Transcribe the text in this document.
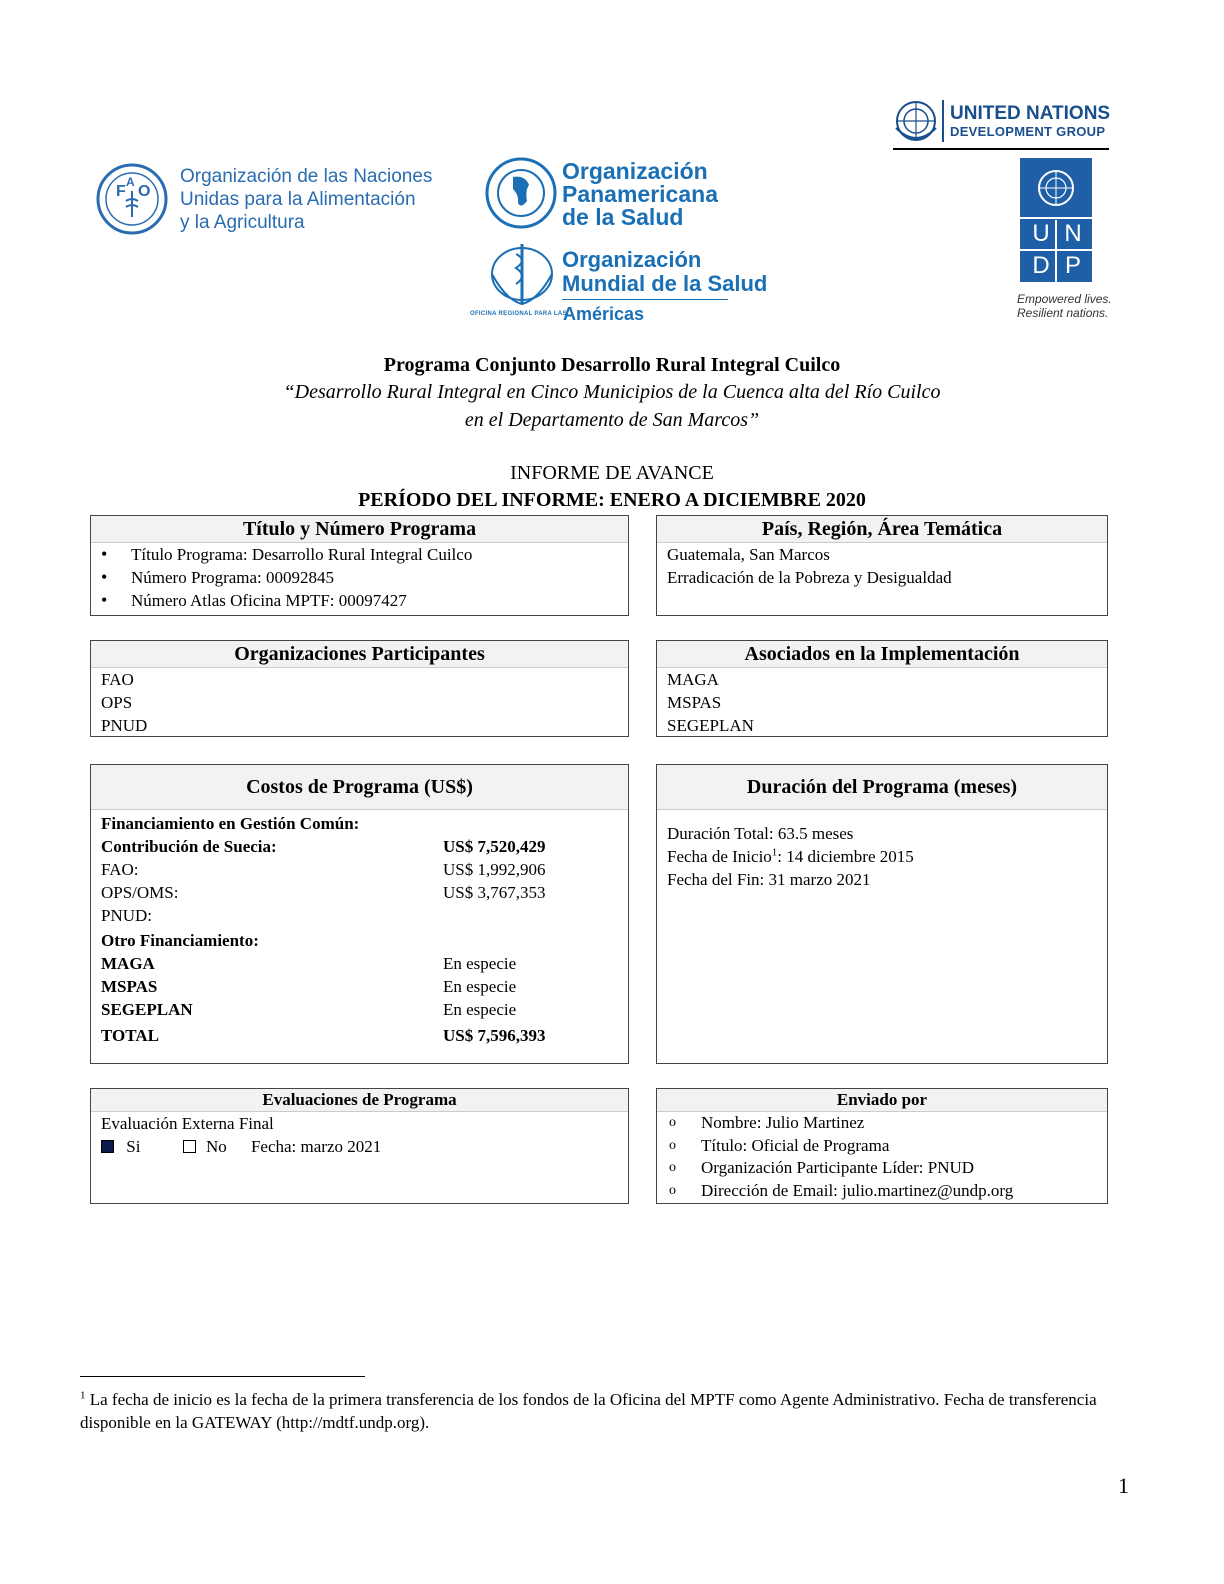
F O
A Organización de las Naciones
Unidas para la Alimentación
y la Agricultura
Organización
Panamericana
de la Salud
Organización
Mundial de la Salud
OFICINA REGIONAL PARA LAS
Américas
UNITED NATIONS
DEVELOPMENT GROUP
U N
D P
Empowered lives.
Resilient nations.
Programa Conjunto Desarrollo Rural Integral Cuilco
“Desarrollo Rural Integral en Cinco Municipios de la Cuenca alta del Río Cuilco
en el Departamento de San Marcos”
INFORME DE AVANCE
PERÍODO DEL INFORME: ENERO A DICIEMBRE 2020
Título y Número Programa
• Título Programa: Desarrollo Rural Integral Cuilco
• Número Programa: 00092845
• Número Atlas Oficina MPTF: 00097427
País, Región, Área Temática
Guatemala, San Marcos
Erradicación de la Pobreza y Desigualdad
Organizaciones Participantes
FAO
OPS
PNUD
Asociados en la Implementación
MAGA
MSPAS
SEGEPLAN
Costos de Programa (US$)
Financiamiento en Gestión Común:
Contribución de Suecia:	US$ 7,520,429
FAO:	US$ 1,992,906
OPS/OMS:	US$ 3,767,353
PNUD:
Otro Financiamiento:
MAGA	En especie
MSPAS	En especie
SEGEPLAN	En especie
TOTAL	US$ 7,596,393
Duración del Programa (meses)
Duración Total: 63.5 meses
Fecha de Inicio$^1$: 14 diciembre 2015
Fecha del Fin: 31 marzo 2021
Evaluaciones de Programa
Evaluación Externa Final
Si	No Fecha: marzo 2021
Enviado por
o Nombre: Julio Martinez
o Título: Oficial de Programa
o Organización Participante Líder: PNUD
o Dirección de Email: julio.martinez@undp.org
$^1$ La fecha de inicio es la fecha de la primera transferencia de los fondos de la Oficina del MPTF como Agente Administrativo. Fecha de transferencia disponible en la GATEWAY (http://mdtf.undp.org).
1
